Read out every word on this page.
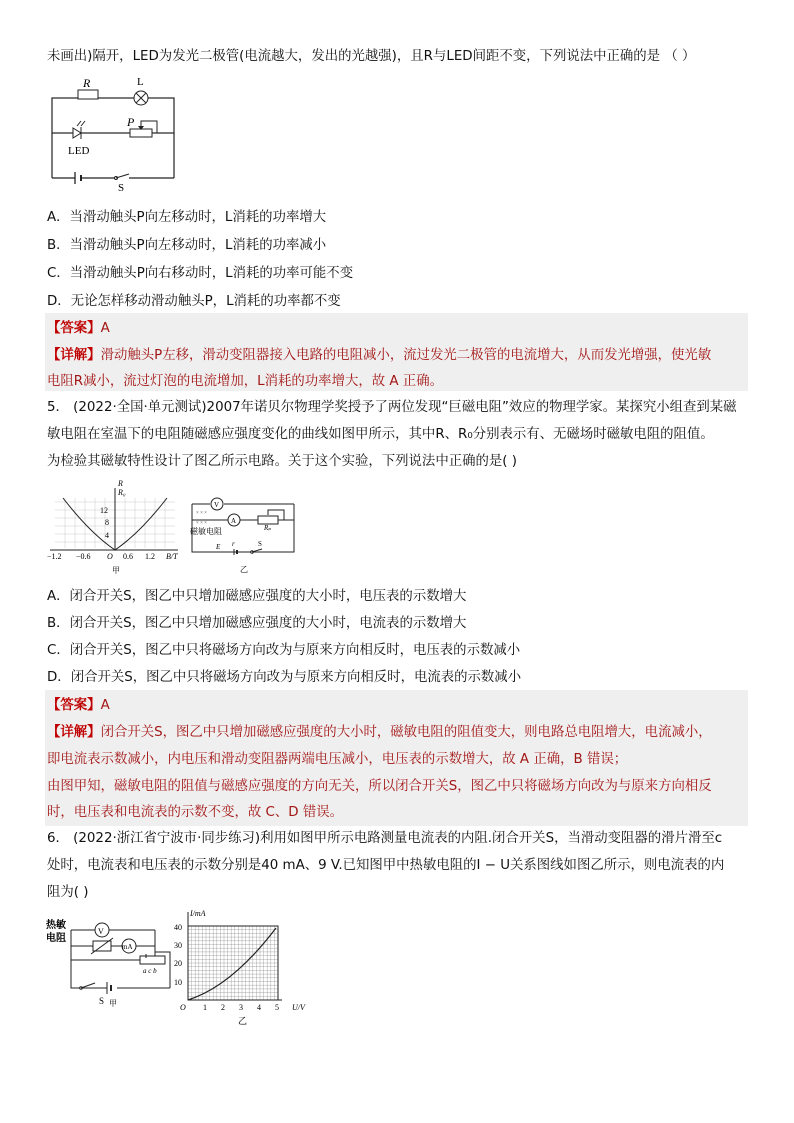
未画出)隔开，LED为发光二极管(电流越大，发出的光越强)，且R与LED间距不变，下列说法中正确的是 （ ）
R	L
LED
P
S
A．当滑动触头P向左移动时，L消耗的功率增大
B．当滑动触头P向左移动时，L消耗的功率减小
C．当滑动触头P向右移动时，L消耗的功率可能不变
D．无论怎样移动滑动触头P，L消耗的功率都不变
【答案】A
【详解】滑动触头P左移，滑动变阻器接入电路的电阻减小，流过发光二极管的电流增大，从而发光增强，使光敏
电阻R减小，流过灯泡的电流增加，L消耗的功率增大，故 A 正确。
5． (2022·全国·单元测试)2007年诺贝尔物理学奖授予了两位发现“巨磁电阻”效应的物理学家。某探究小组查到某磁
敏电阻在室温下的电阻随磁感应强度变化的曲线如图甲所示，其中R、R₀分别表示有、无磁场时磁敏电阻的阻值。
为检验其磁敏特性设计了图乙所示电路。关于这个实验，下列说法中正确的是( )
R
R₀
12
8
4
−1.2 −0.6 O 0.6 1.2 B/T
甲
× × ×
× × ×
V
A
Rₚ
磁敏电阻
E r	S
乙
A．闭合开关S，图乙中只增加磁感应强度的大小时，电压表的示数增大
B．闭合开关S，图乙中只增加磁感应强度的大小时，电流表的示数增大
C．闭合开关S，图乙中只将磁场方向改为与原来方向相反时，电压表的示数减小
D．闭合开关S，图乙中只将磁场方向改为与原来方向相反时，电流表的示数减小
【答案】A
【详解】闭合开关S，图乙中只增加磁感应强度的大小时，磁敏电阻的阻值变大，则电路总电阻增大，电流减小，
即电流表示数减小，内电压和滑动变阻器两端电压减小，电压表的示数增大，故 A 正确，B 错误；
由图甲知，磁敏电阻的阻值与磁感应强度的方向无关，所以闭合开关S，图乙中只将磁场方向改为与原来方向相反
时，电压表和电流表的示数不变，故 C、D 错误。
6． (2022·浙江省宁波市·同步练习)利用如图甲所示电路测量电流表的内阻.闭合开关S，当滑动变阻器的滑片滑至c
处时，电流表和电压表的示数分别是40 mA、9 V.已知图甲中热敏电阻的I − U关系图线如图乙所示，则电流表的内
阻为( )
热敏
电阻
V
mA
a c b
S 甲
I/mA
40
30
20
10
O 1 2 3 4 5 U/V
乙
